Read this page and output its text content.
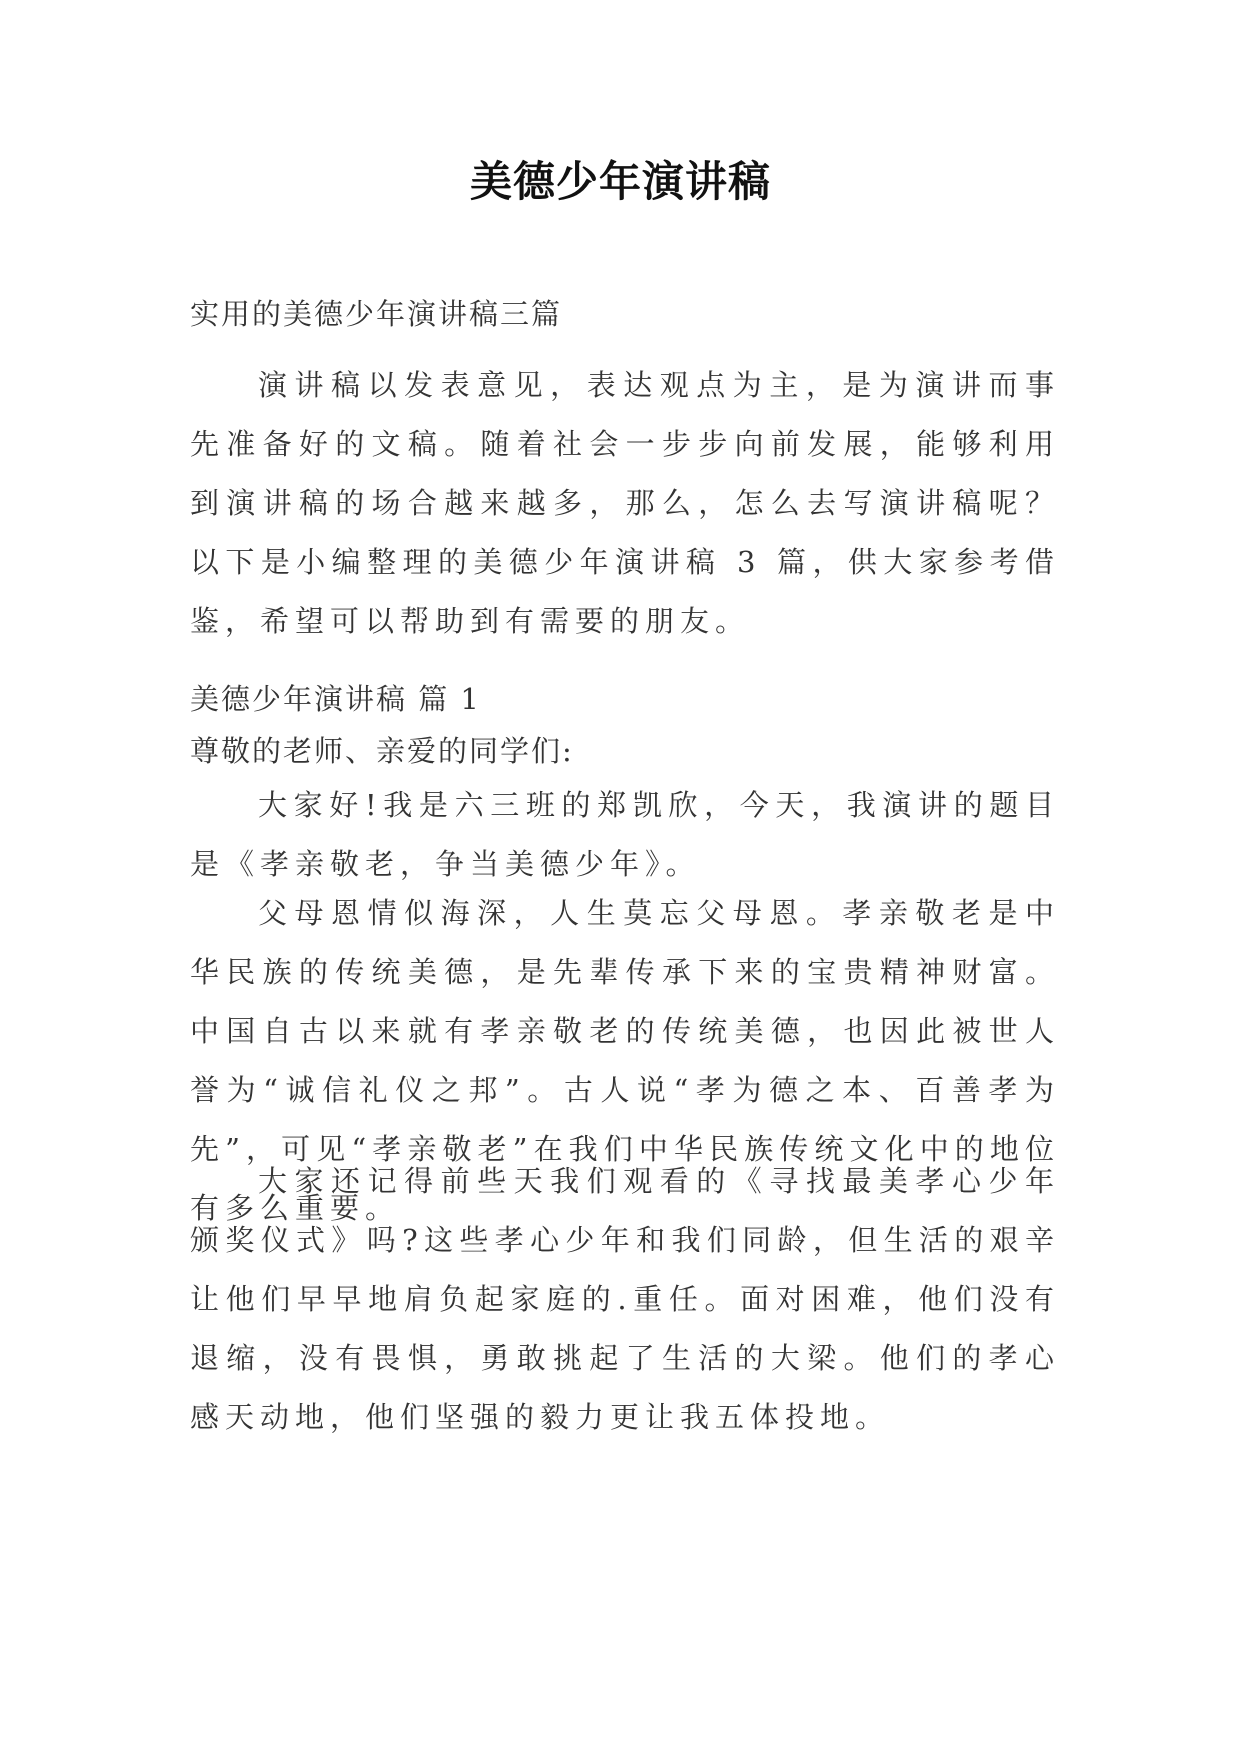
美德少年演讲稿
实用的美德少年演讲稿三篇
演讲稿以发表意见，表达观点为主，是为演讲而事先准备好的文稿。随着社会一步步向前发展，能够利用到演讲稿的场合越来越多，那么，怎么去写演讲稿呢？以下是小编整理的美德少年演讲稿 3 篇，供大家参考借鉴，希望可以帮助到有需要的朋友。
美德少年演讲稿 篇 1
尊敬的老师、亲爱的同学们:
大家好!我是六三班的郑凯欣，今天，我演讲的题目是《孝亲敬老，争当美德少年》。
父母恩情似海深，人生莫忘父母恩。孝亲敬老是中华民族的传统美德，是先辈传承下来的宝贵精神财富。中国自古以来就有孝亲敬老的传统美德，也因此被世人誉为“诚信礼仪之邦”。古人说“孝为德之本、百善孝为先”，可见“孝亲敬老”在我们中华民族传统文化中的地位有多么重要。
大家还记得前些天我们观看的《寻找最美孝心少年颁奖仪式》吗?这些孝心少年和我们同龄，但生活的艰辛让他们早早地肩负起家庭的.重任。面对困难，他们没有退缩，没有畏惧，勇敢挑起了生活的大梁。他们的孝心感天动地，他们坚强的毅力更让我五体投地。
